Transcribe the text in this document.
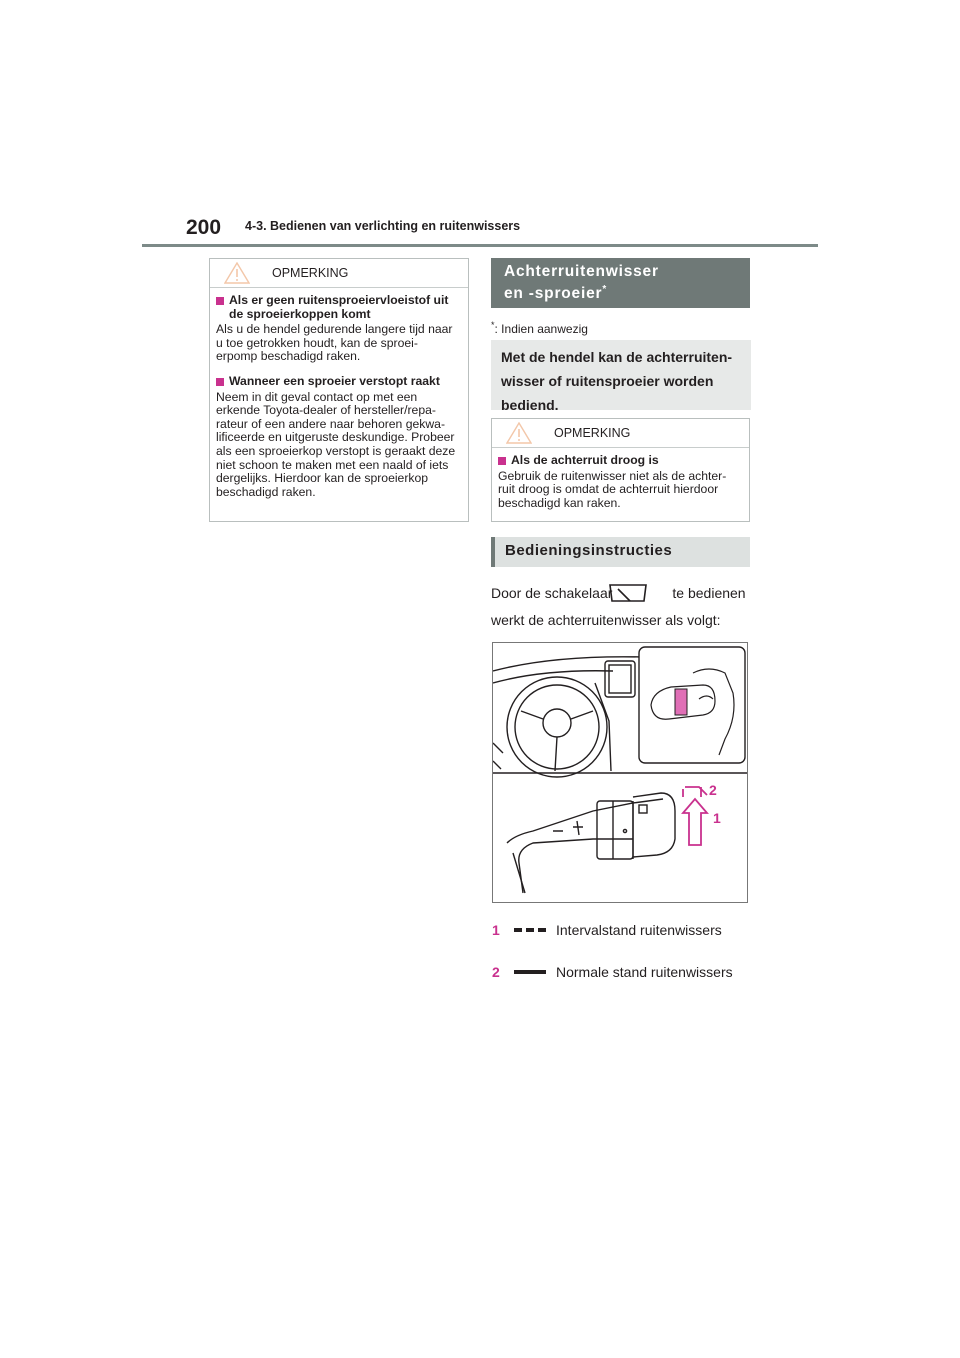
200 4-3. Bedienen van verlichting en ruitenwissers
OPMERKING
Als er geen ruitensproeiervloeistof uit de sproeierkoppen komt
Als u de hendel gedurende langere tijd naar u toe getrokken houdt, kan de sproei- erpomp beschadigd raken.
Wanneer een sproeier verstopt raakt
Neem in dit geval contact op met een erkende Toyota-dealer of hersteller/repa- rateur of een andere naar behoren gekwa- lificeerde en uitgeruste deskundige. Probeer als een sproeierkop verstopt is geraakt deze niet schoon te maken met een naald of iets dergelijks. Hierdoor kan de sproeierkop beschadigd raken.
Achterruitenwisser
en -sproeier*
*: Indien aanwezig
Met de hendel kan de achterruiten- wisser of ruitensproeier worden bediend.
OPMERKING
Als de achterruit droog is
Gebruik de ruitenwisser niet als de achter- ruit droog is omdat de achterruit hierdoor beschadigd kan raken.
Bedieningsinstructies
Door de schakelaar	te bedienen
werkt de achterruitenwisser als volgt:
2
1
1	Intervalstand ruitenwissers
2	Normale stand ruitenwissers
